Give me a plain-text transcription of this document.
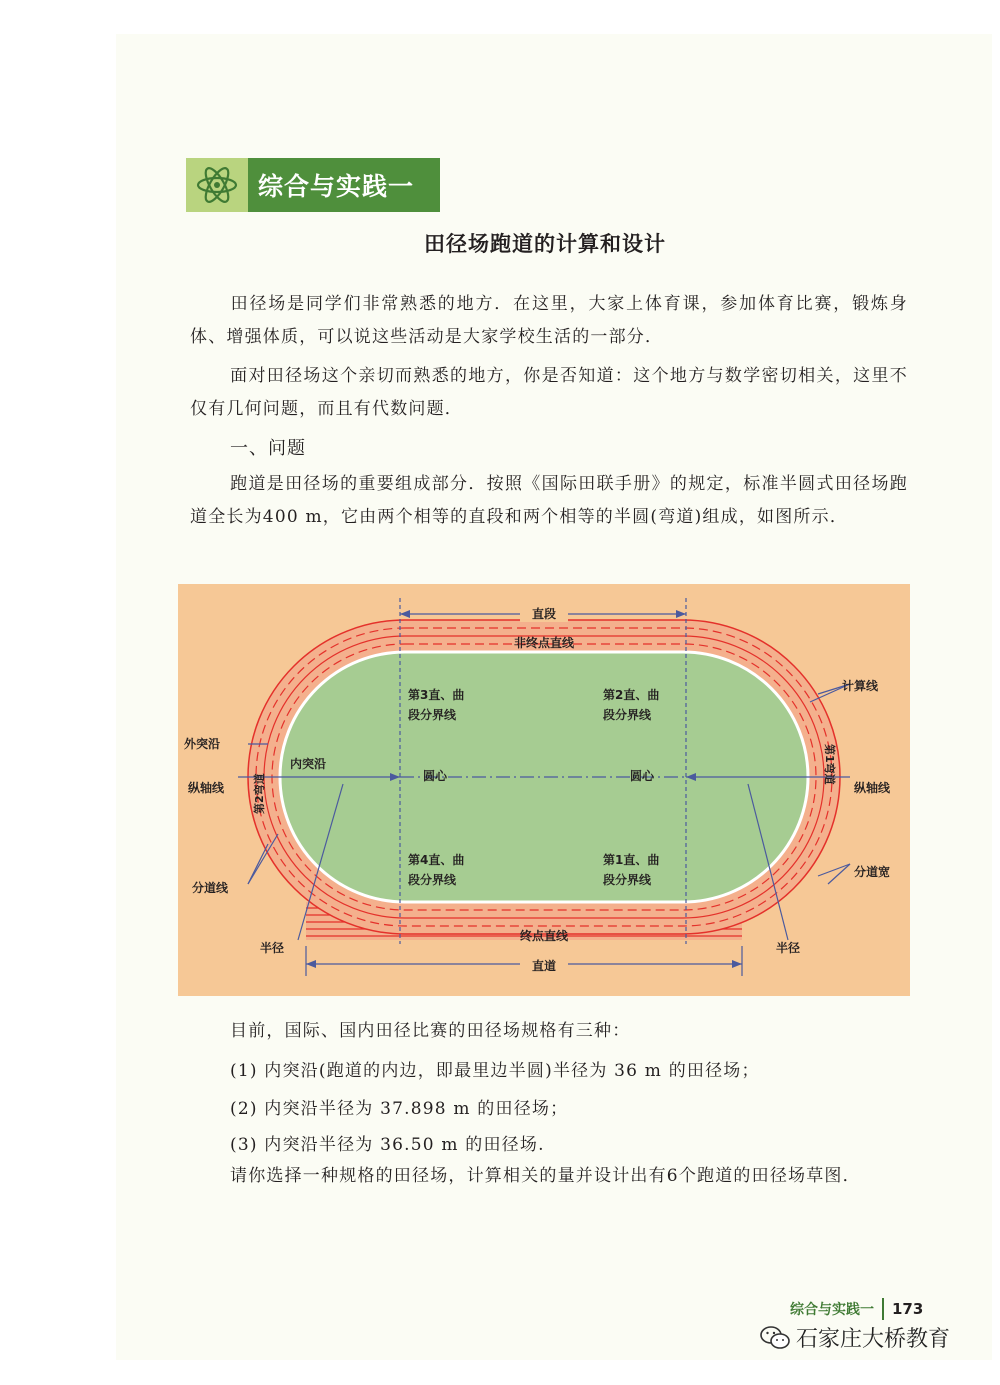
综合与实践一
田径场跑道的计算和设计

田径场是同学们非常熟悉的地方．在这里，大家上体育课，参加体育比赛，锻炼身体、增强体质，可以说这些活动是大家学校生活的一部分．

面对田径场这个亲切而熟悉的地方，你是否知道：这个地方与数学密切相关，这里不仅有几何问题，而且有代数问题．

一、问题

跑道是田径场的重要组成部分．按照《国际田联手册》的规定，标准半圆式田径场跑道全长为400 m，它由两个相等的直段和两个相等的半圆(弯道)组成，如图所示．

直段
非终点直线
终点直线
直道
第3直、曲
段分界线
第2直、曲
段分界线
第4直、曲
段分界线
第1直、曲
段分界线
圆心	圆心
外突沿
内突沿
纵轴线	纵轴线
分道线
分道宽
计算线
半径	半径
第2弯道
第1弯道
目前，国际、国内田径比赛的田径场规格有三种：
(1) 内突沿(跑道的内边，即最里边半圆)半径为 36 m 的田径场；
(2) 内突沿半径为 37.898 m 的田径场；
(3) 内突沿半径为 36.50 m 的田径场.

请你选择一种规格的田径场，计算相关的量并设计出有6个跑道的田径场草图．

综合与实践一 173
石家庄大桥教育
